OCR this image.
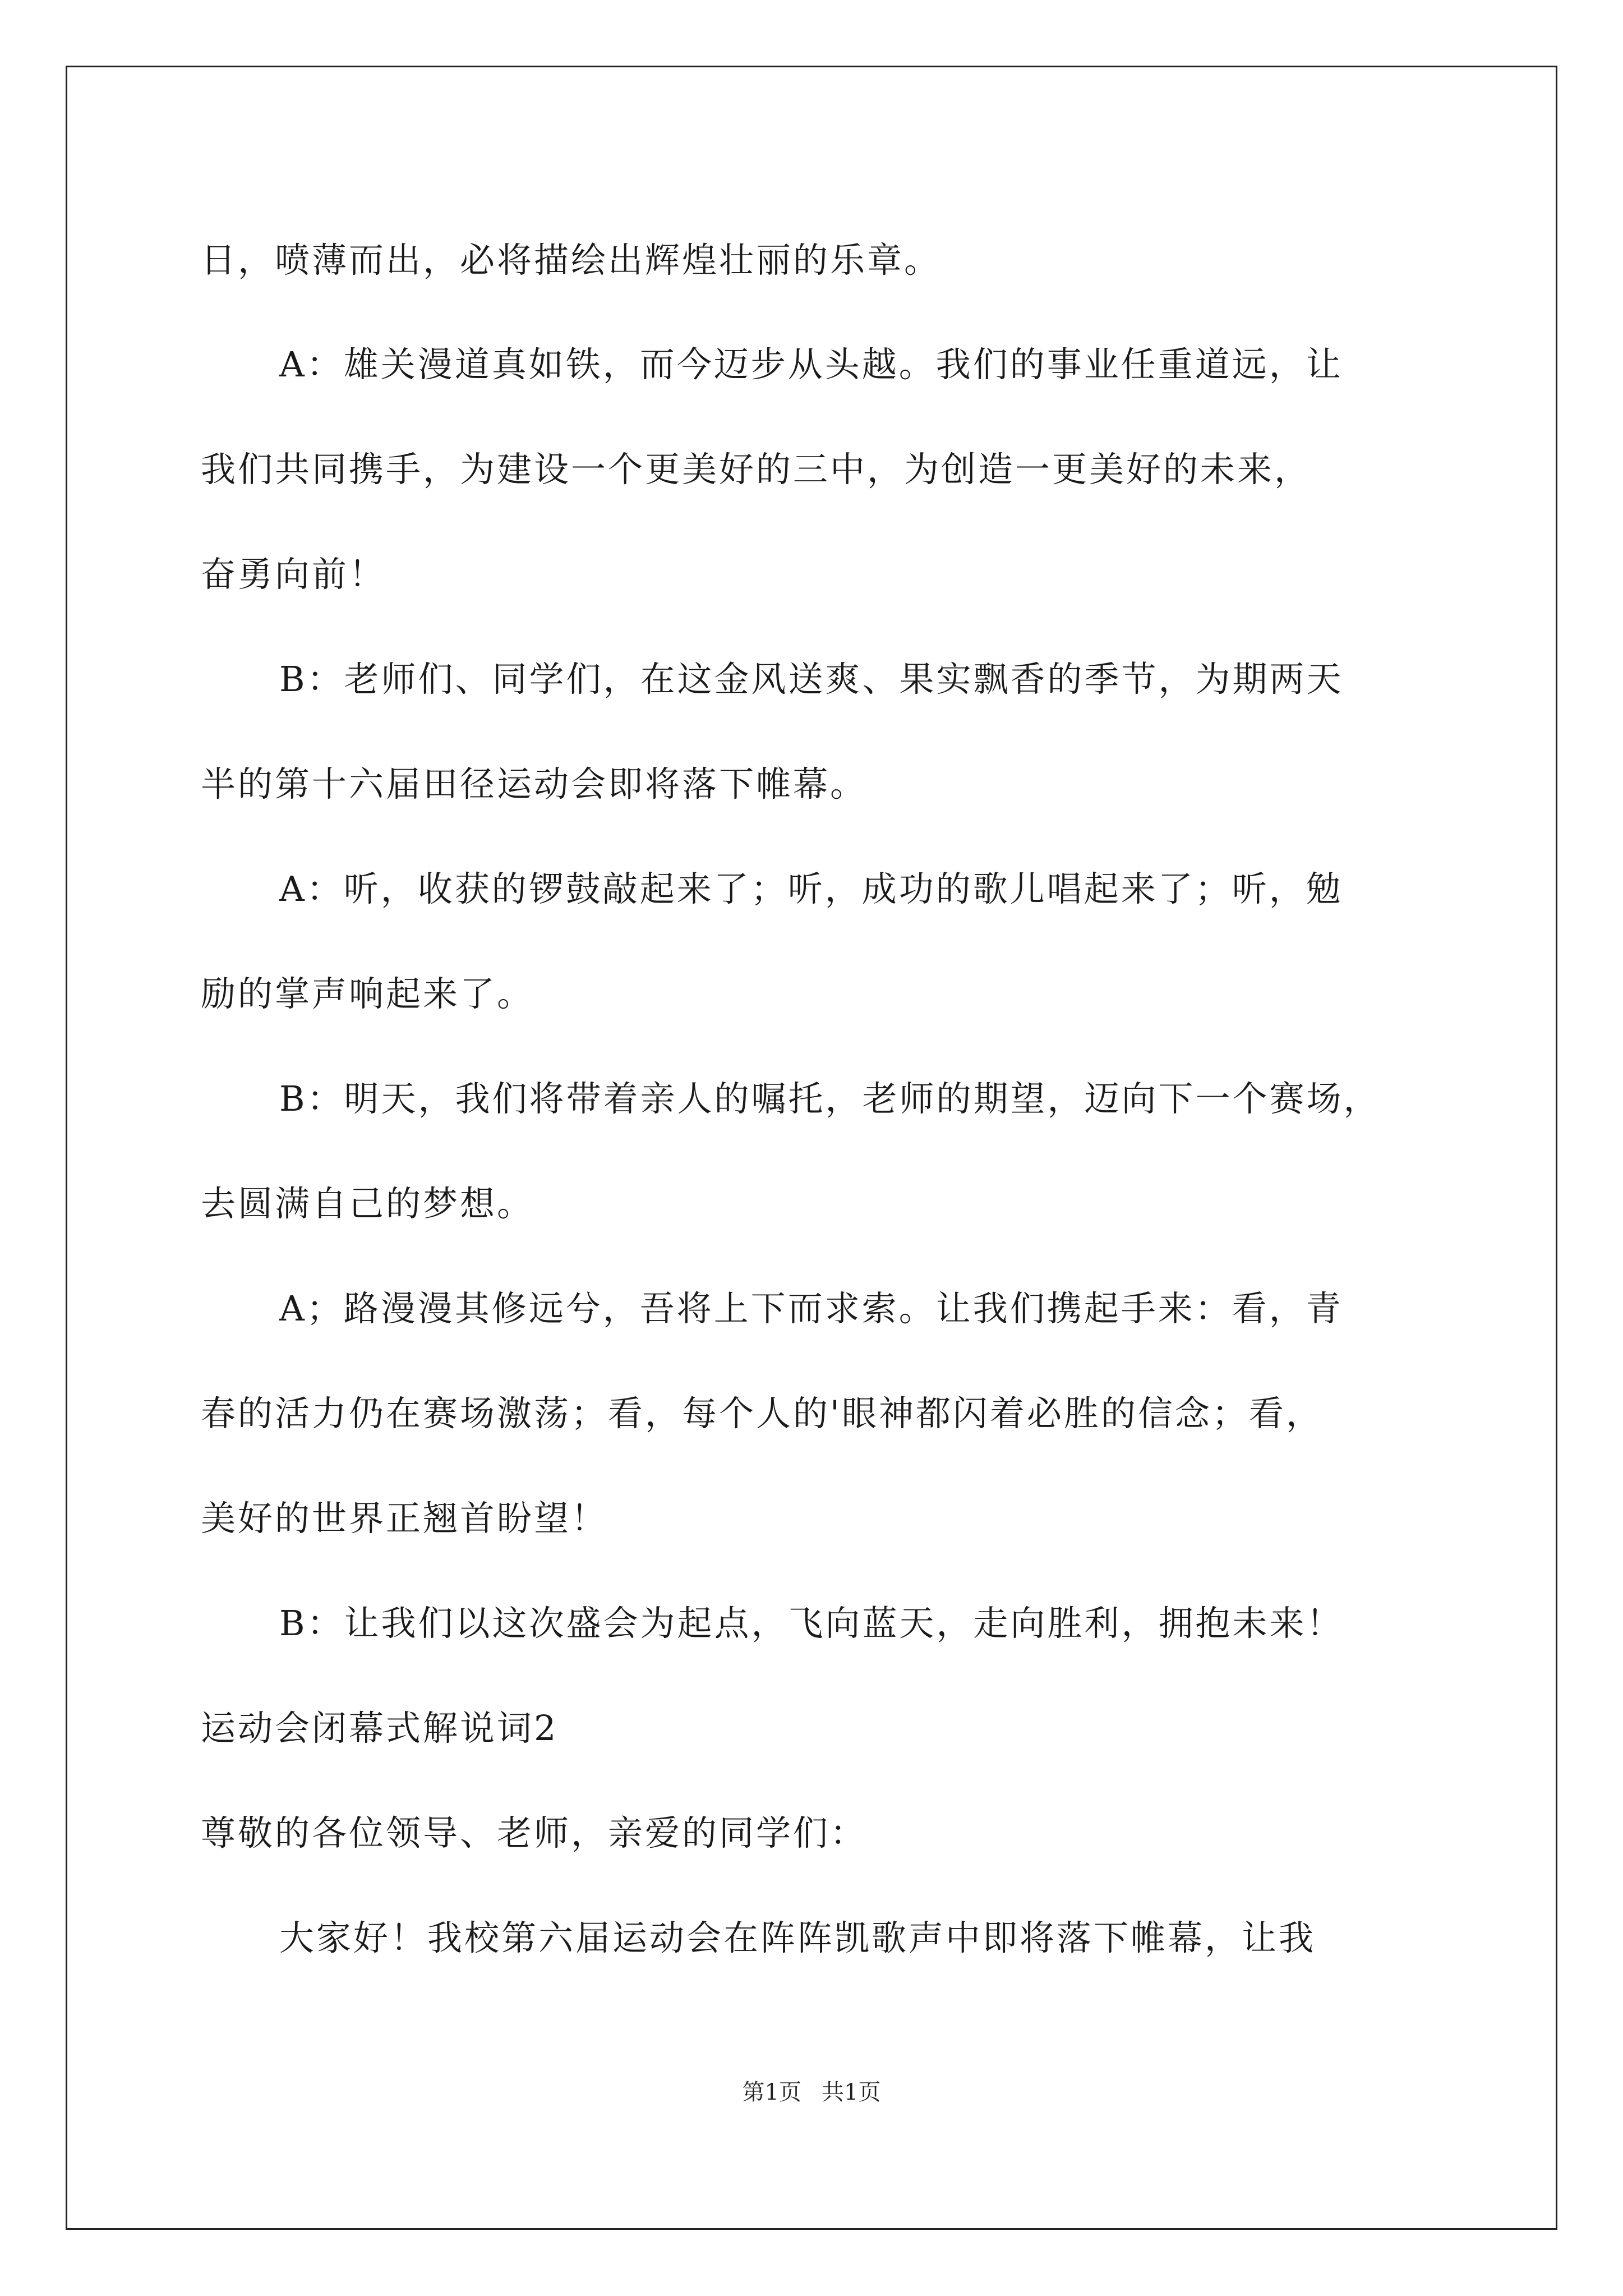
日，喷薄而出，必将描绘出辉煌壮丽的乐章。
A：雄关漫道真如铁，而今迈步从头越。我们的事业任重道远，让
我们共同携手，为建设一个更美好的三中，为创造一更美好的未来，
奋勇向前！
B：老师们、同学们，在这金风送爽、果实飘香的季节，为期两天
半的第十六届田径运动会即将落下帷幕。
A：听，收获的锣鼓敲起来了；听，成功的歌儿唱起来了；听，勉
励的掌声响起来了。
B：明天，我们将带着亲人的嘱托，老师的期望，迈向下一个赛场，
去圆满自己的梦想。
A；路漫漫其修远兮，吾将上下而求索。让我们携起手来：看，青
春的活力仍在赛场激荡；看，每个人的'眼神都闪着必胜的信念；看，
美好的世界正翘首盼望！
B：让我们以这次盛会为起点，飞向蓝天，走向胜利，拥抱未来！
运动会闭幕式解说词2
尊敬的各位领导、老师，亲爱的同学们：
大家好！我校第六届运动会在阵阵凯歌声中即将落下帷幕，让我
第1页 共1页
